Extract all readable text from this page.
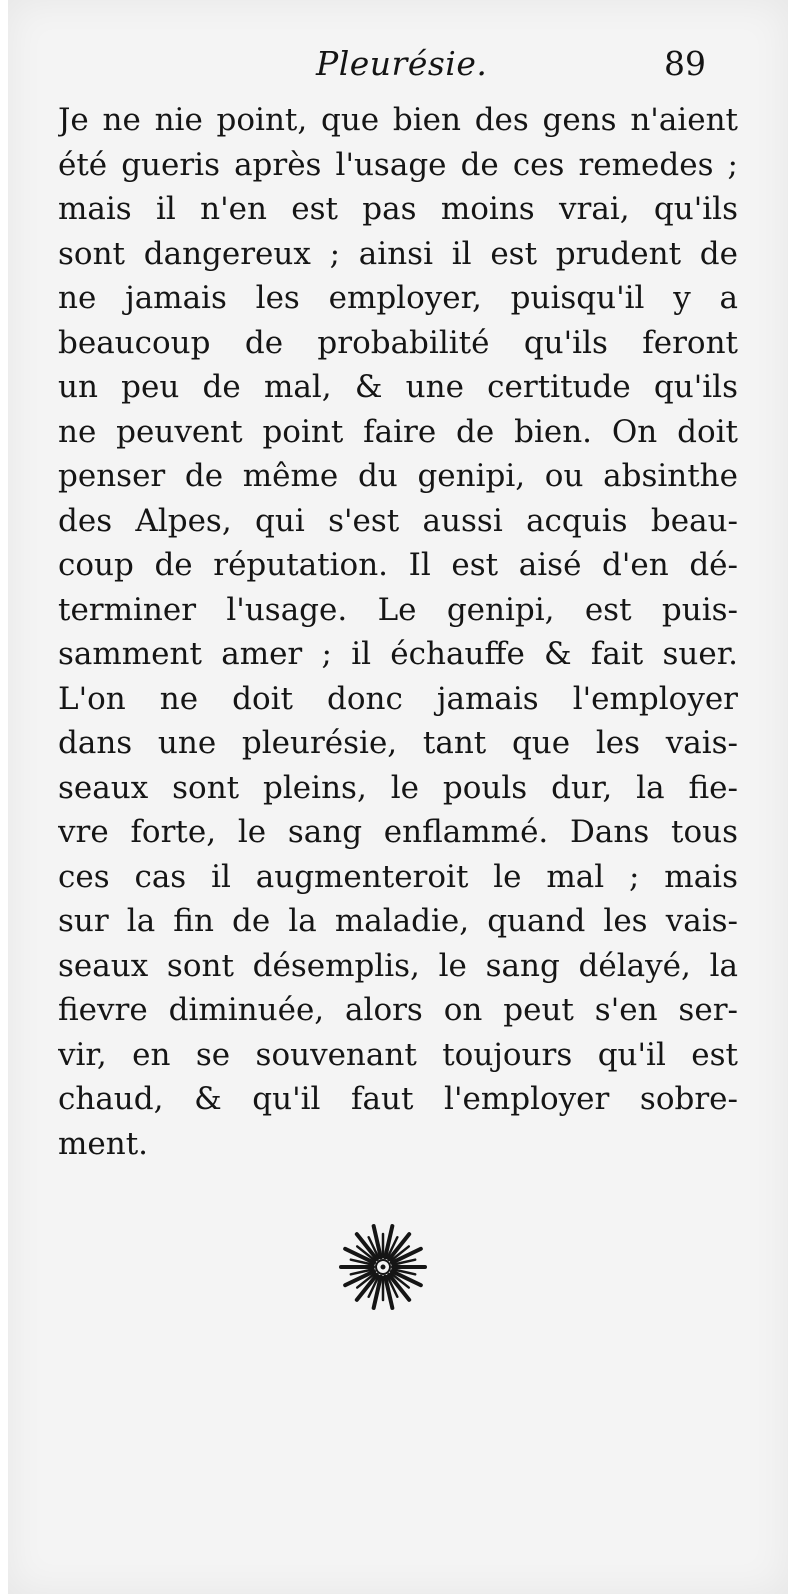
Pleurésie.	89
Je ne nie point, que bien des gens n'aient
été gueris après l'usage de ces remedes ;
mais il n'en est pas moins vrai, qu'ils
sont dangereux ; ainsi il est prudent de
ne jamais les employer, puisqu'il y a
beaucoup de probabilité qu'ils feront
un peu de mal, & une certitude qu'ils
ne peuvent point faire de bien. On doit
penser de même du genipi, ou absinthe
des Alpes, qui s'est aussi acquis beau-
coup de réputation. Il est aisé d'en dé-
terminer l'usage. Le genipi, est puis-
samment amer ; il échauffe & fait suer.
L'on ne doit donc jamais l'employer
dans une pleurésie, tant que les vais-
seaux sont pleins, le pouls dur, la fie-
vre forte, le sang enflammé. Dans tous
ces cas il augmenteroit le mal ; mais
sur la fin de la maladie, quand les vais-
seaux sont désemplis, le sang délayé, la
fievre diminuée, alors on peut s'en ser-
vir, en se souvenant toujours qu'il est
chaud, & qu'il faut l'employer sobre-
ment.
